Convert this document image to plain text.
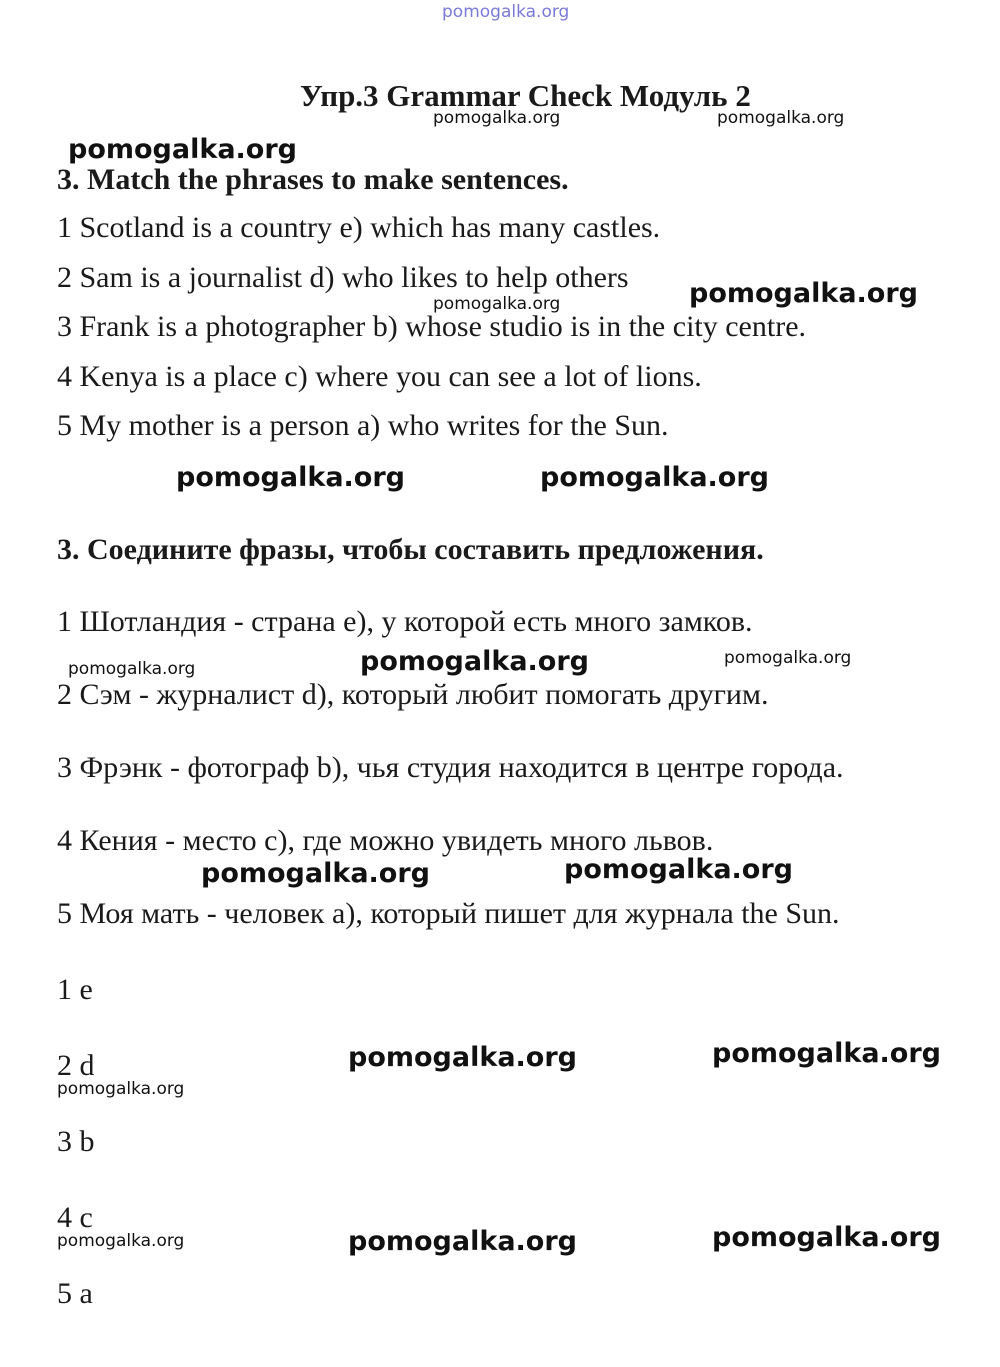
pomogalka.org
pomogalka.org	pomogalka.org
pomogalka.org
pomogalka.org
pomogalka.org
pomogalka.org	pomogalka.org
pomogalka.org	pomogalka.org	pomogalka.org
pomogalka.org	pomogalka.org
pomogalka.org	pomogalka.org
pomogalka.org
pomogalka.org	pomogalka.org	pomogalka.org
Упр.3 Grammar Check Модуль 2
3. Match the phrases to make sentences.
1 Scotland is a country e) which has many castles.
2 Sam is a journalist d) who likes to help others
3 Frank is a photographer b) whose studio is in the city centre.
4 Kenya is a place c) where you can see a lot of lions.
5 My mother is a person a) who writes for the Sun.
3. Соедините фразы, чтобы составить предложения.
1 Шотландия - страна е), у которой есть много замков.
2 Сэм - журналист d), который любит помогать другим.
3 Фрэнк - фотограф b), чья студия находится в центре города.
4 Кения - место c), где можно увидеть много львов.
5 Моя мать - человек a), который пишет для журнала the Sun.
1 e
2 d
3 b
4 c
5 a
